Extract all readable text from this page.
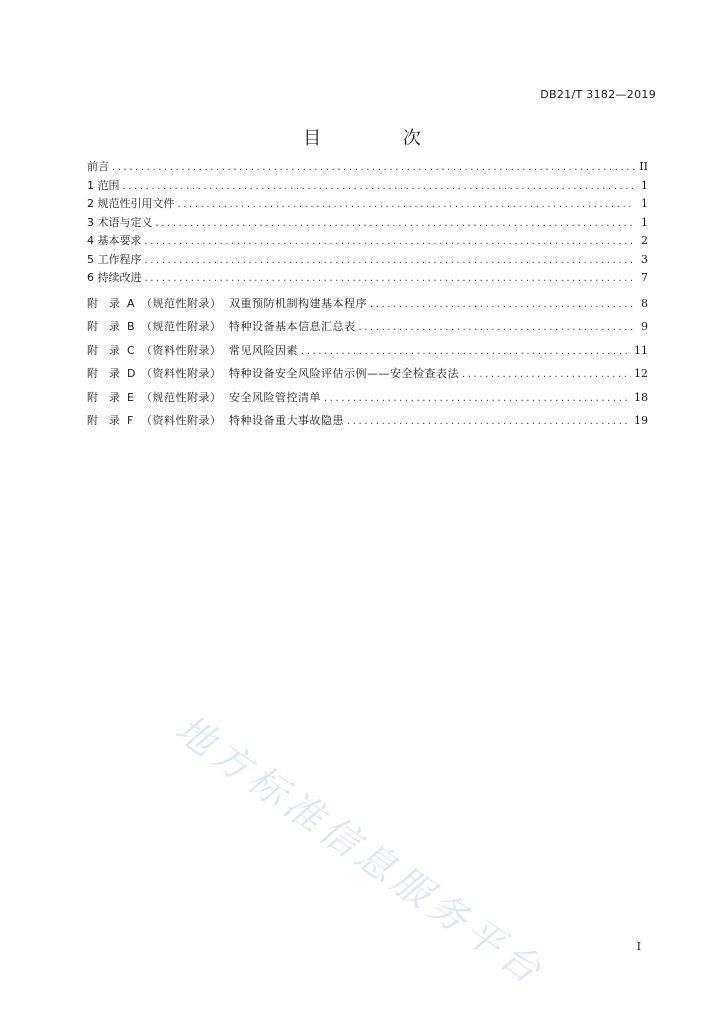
DB21/T 3182—2019
目 次
前言 .....	II
1 范围 .....	1
2 规范性引用文件 .....	1
3 术语与定义 .....	1
4 基本要求 .....	2
5 工作程序 .....	3
6 持续改进 .....	7
附 录 A （规范性附录） 双重预防机制构建基本程序 .....	8
附 录 B （规范性附录） 特种设备基本信息汇总表 .....	9
附 录 C （资料性附录） 常见风险因素 .....	11
附 录 D （资料性附录） 特种设备安全风险评估示例——安全检查表法 .....	12
附 录 E （规范性附录） 安全风险管控清单 .....	18
附 录 F （资料性附录） 特种设备重大事故隐患 .....	19
地方标准信息服务平台	I
